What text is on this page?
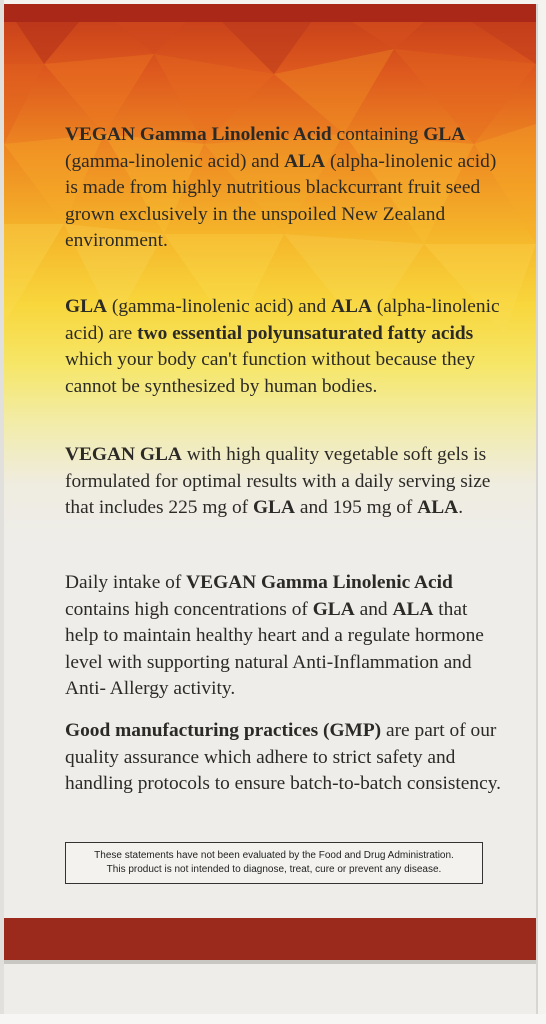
VEGAN Gamma Linolenic Acid containing GLA (gamma-linolenic acid) and ALA (alpha-linolenic acid) is made from highly nutritious blackcurrant fruit seed grown exclusively in the unspoiled New Zealand environment.

GLA (gamma-linolenic acid) and ALA (alpha-linolenic acid) are two essential polyunsaturated fatty acids which your body can't function without because they cannot be synthesized by human bodies.

VEGAN GLA with high quality vegetable soft gels is formulated for optimal results with a daily serving size that includes 225 mg of GLA and 195 mg of ALA.

Daily intake of VEGAN Gamma Linolenic Acid contains high concentrations of GLA and ALA that help to maintain healthy heart and a regulate hormone level with supporting natural Anti-Inflammation and Anti- Allergy activity.

Good manufacturing practices (GMP) are part of our quality assurance which adhere to strict safety and handling protocols to ensure batch-to-batch consistency.

These statements have not been evaluated by the Food and Drug Administration.
This product is not intended to diagnose, treat, cure or prevent any disease.
